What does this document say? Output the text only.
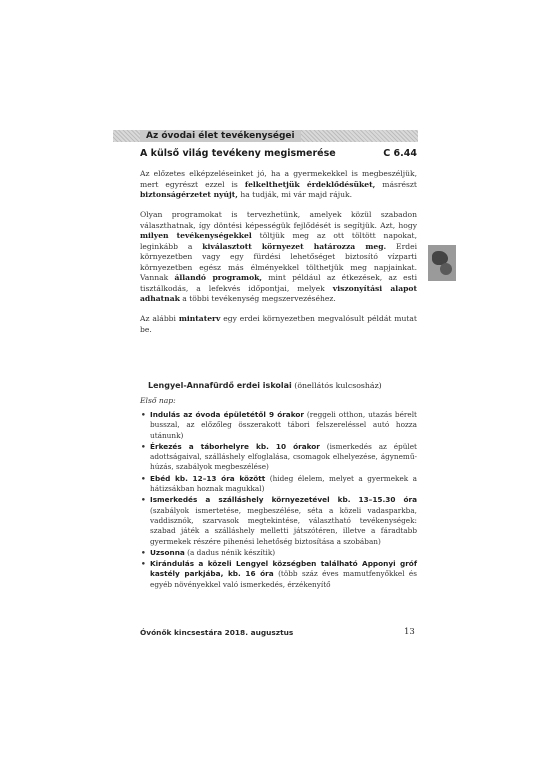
Az óvodai élet tevékenységei
A külső világ tevékeny megismerése	C 6.44
Az előzetes elképzeléseinket jó, ha a gyermekekkel is megbeszéljük, mert egyrészt ezzel is felkelthetjük érdeklődésüket, másrészt biztonságérzetet nyújt, ha tudják, mi vár majd rájuk.
Olyan programokat is tervezhetünk, amelyek közül szabadon választhatnak, így döntési képességük fejlődését is segítjük. Azt, hogy milyen tevékenységekkel töltjük meg az ott töltött napokat, leginkább a kiválasztott környezet határozza meg. Erdei környezetben vagy egy fürdési lehetőséget biztosító vízparti környezetben egész más élményekkel tölthetjük meg napjainkat. Vannak állandó programok, mint például az étkezések, az esti tisztálkodás, a lefekvés időpontjai, melyek viszonyítási alapot adhatnak a többi tevékenység megszervezéséhez.
Az alábbi mintaterv egy erdei környezetben megvalósult példát mutat be.
Lengyel-Annafürdő erdei iskolai (önellátós kulcsosház)
Első nap:
• Indulás az óvoda épületétől 9 órakor (reggeli otthon, utazás bérelt busszal, az előzőleg összerakott tábori felszereléssel autó hozza utánunk)
• Érkezés a táborhelyre kb. 10 órakor (ismerkedés az épület adottságaival, szálláshely elfoglalása, csomagok elhelyezése, ágyneműhúzás, szabályok megbeszélése)
• Ebéd kb. 12–13 óra között (hideg élelem, melyet a gyermekek a hátizsákban hoznak magukkal)
• Ismerkedés a szálláshely környezetével kb. 13–15.30 óra (szabályok ismertetése, megbeszélése, séta a közeli vadasparkba, vaddisznók, szarvasok megtekintése, választható tevékenységek: szabad játék a szálláshely melletti játszótéren, illetve a fáradtabb gyermekek részére pihenési lehetőség biztosítása a szobában)
• Uzsonna (a dadus nénik készítik)
• Kirándulás a közeli Lengyel községben található Apponyi gróf kastély parkjába, kb. 16 óra (több száz éves mamutfenyőkkel és egyéb növényekkel való ismerkedés, érzékenyítő
Óvónők kincsestára 2018. augusztus	13
